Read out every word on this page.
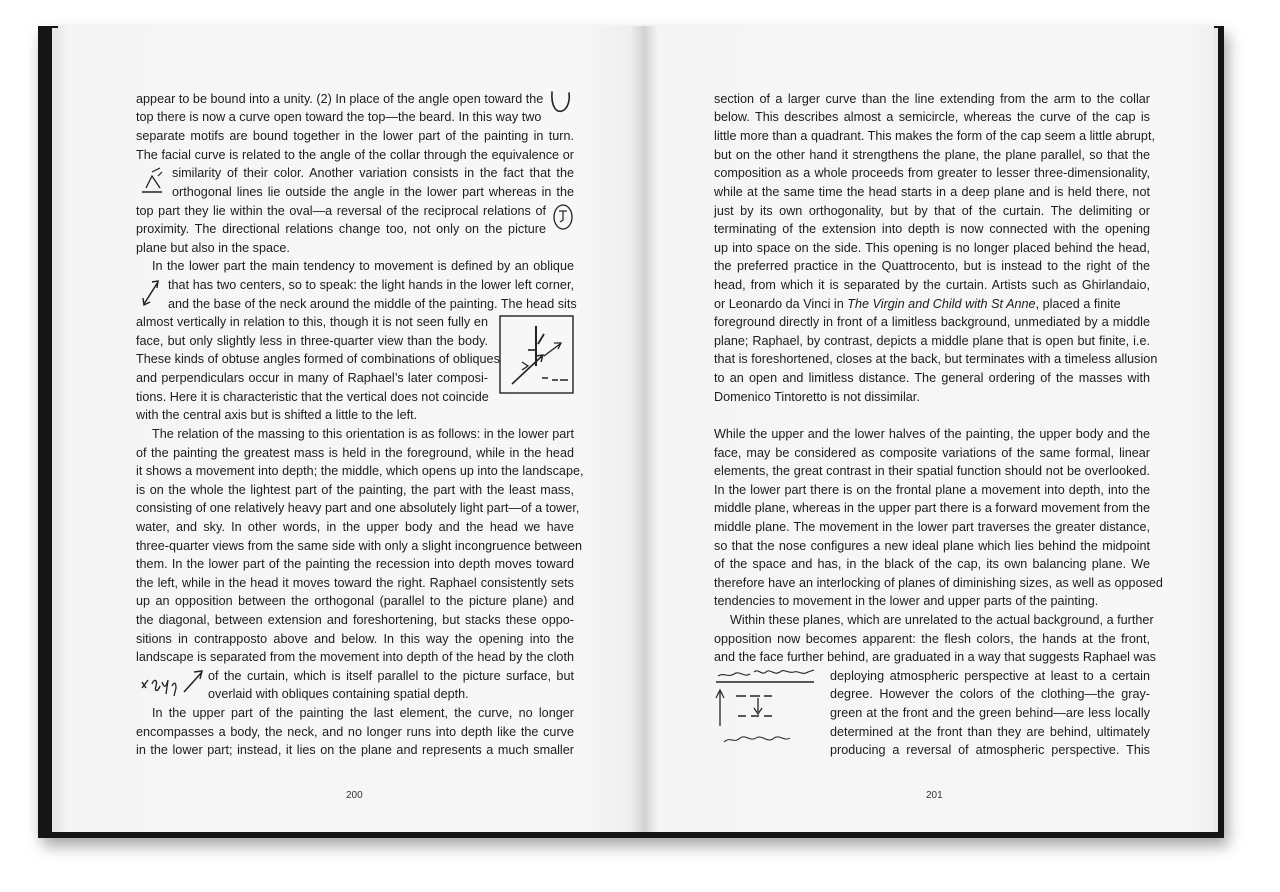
appear to be bound into a unity. (2) In place of the angle open toward the

top there is now a curve open toward the top—the beard. In this way two

separate motifs are bound together in the lower part of the painting in turn.

The facial curve is related to the angle of the collar through the equivalence or

similarity of their color. Another variation consists in the fact that the

orthogonal lines lie outside the angle in the lower part whereas in the

top part they lie within the oval—a reversal of the reciprocal relations of

proximity. The directional relations change too, not only on the picture

plane but also in the space.

In the lower part the main tendency to movement is defined by an oblique

that has two centers, so to speak: the light hands in the lower left corner,

and the base of the neck around the middle of the painting. The head sits

almost vertically in relation to this, though it is not seen fully en

face, but only slightly less in three-quarter view than the body.

These kinds of obtuse angles formed of combinations of obliques

and perpendiculars occur in many of Raphael’s later composi-

tions. Here it is characteristic that the vertical does not coincide

with the central axis but is shifted a little to the left.

The relation of the massing to this orientation is as follows: in the lower part

of the painting the greatest mass is held in the foreground, while in the head

it shows a movement into depth; the middle, which opens up into the landscape,

is on the whole the lightest part of the painting, the part with the least mass,

consisting of one relatively heavy part and one absolutely light part—of a tower,

water, and sky. In other words, in the upper body and the head we have

three-quarter views from the same side with only a slight incongruence between

them. In the lower part of the painting the recession into depth moves toward

the left, while in the head it moves toward the right. Raphael consistently sets

up an opposition between the orthogonal (parallel to the picture plane) and

the diagonal, between extension and foreshortening, but stacks these oppo-

sitions in contrapposto above and below. In this way the opening into the

landscape is separated from the movement into depth of the head by the cloth

of the curtain, which is itself parallel to the picture surface, but

overlaid with obliques containing spatial depth.

In the upper part of the painting the last element, the curve, no longer

encompasses a body, the neck, and no longer runs into depth like the curve

in the lower part; instead, it lies on the plane and represents a much smaller

200

section of a larger curve than the line extending from the arm to the collar

below. This describes almost a semicircle, whereas the curve of the cap is

little more than a quadrant. This makes the form of the cap seem a little abrupt,

but on the other hand it strengthens the plane, the plane parallel, so that the

composition as a whole proceeds from greater to lesser three-dimensionality,

while at the same time the head starts in a deep plane and is held there, not

just by its own orthogonality, but by that of the curtain. The delimiting or

terminating of the extension into depth is now connected with the opening

up into space on the side. This opening is no longer placed behind the head,

the preferred practice in the Quattrocento, but is instead to the right of the

head, from which it is separated by the curtain. Artists such as Ghirlandaio,

or Leonardo da Vinci in The Virgin and Child with St Anne, placed a finite

foreground directly in front of a limitless background, unmediated by a middle

plane; Raphael, by contrast, depicts a middle plane that is open but finite, i.e.

that is foreshortened, closes at the back, but terminates with a timeless allusion

to an open and limitless distance. The general ordering of the masses with

Domenico Tintoretto is not dissimilar.

While the upper and the lower halves of the painting, the upper body and the

face, may be considered as composite variations of the same formal, linear

elements, the great contrast in their spatial function should not be overlooked.

In the lower part there is on the frontal plane a movement into depth, into the

middle plane, whereas in the upper part there is a forward movement from the

middle plane. The movement in the lower part traverses the greater distance,

so that the nose configures a new ideal plane which lies behind the midpoint

of the space and has, in the black of the cap, its own balancing plane. We

therefore have an interlocking of planes of diminishing sizes, as well as opposed

tendencies to movement in the lower and upper parts of the painting.

Within these planes, which are unrelated to the actual background, a further

opposition now becomes apparent: the flesh colors, the hands at the front,

and the face further behind, are graduated in a way that suggests Raphael was

deploying atmospheric perspective at least to a certain

degree. However the colors of the clothing—the gray-

green at the front and the green behind—are less locally

determined at the front than they are behind, ultimately

producing a reversal of atmospheric perspective. This

201
